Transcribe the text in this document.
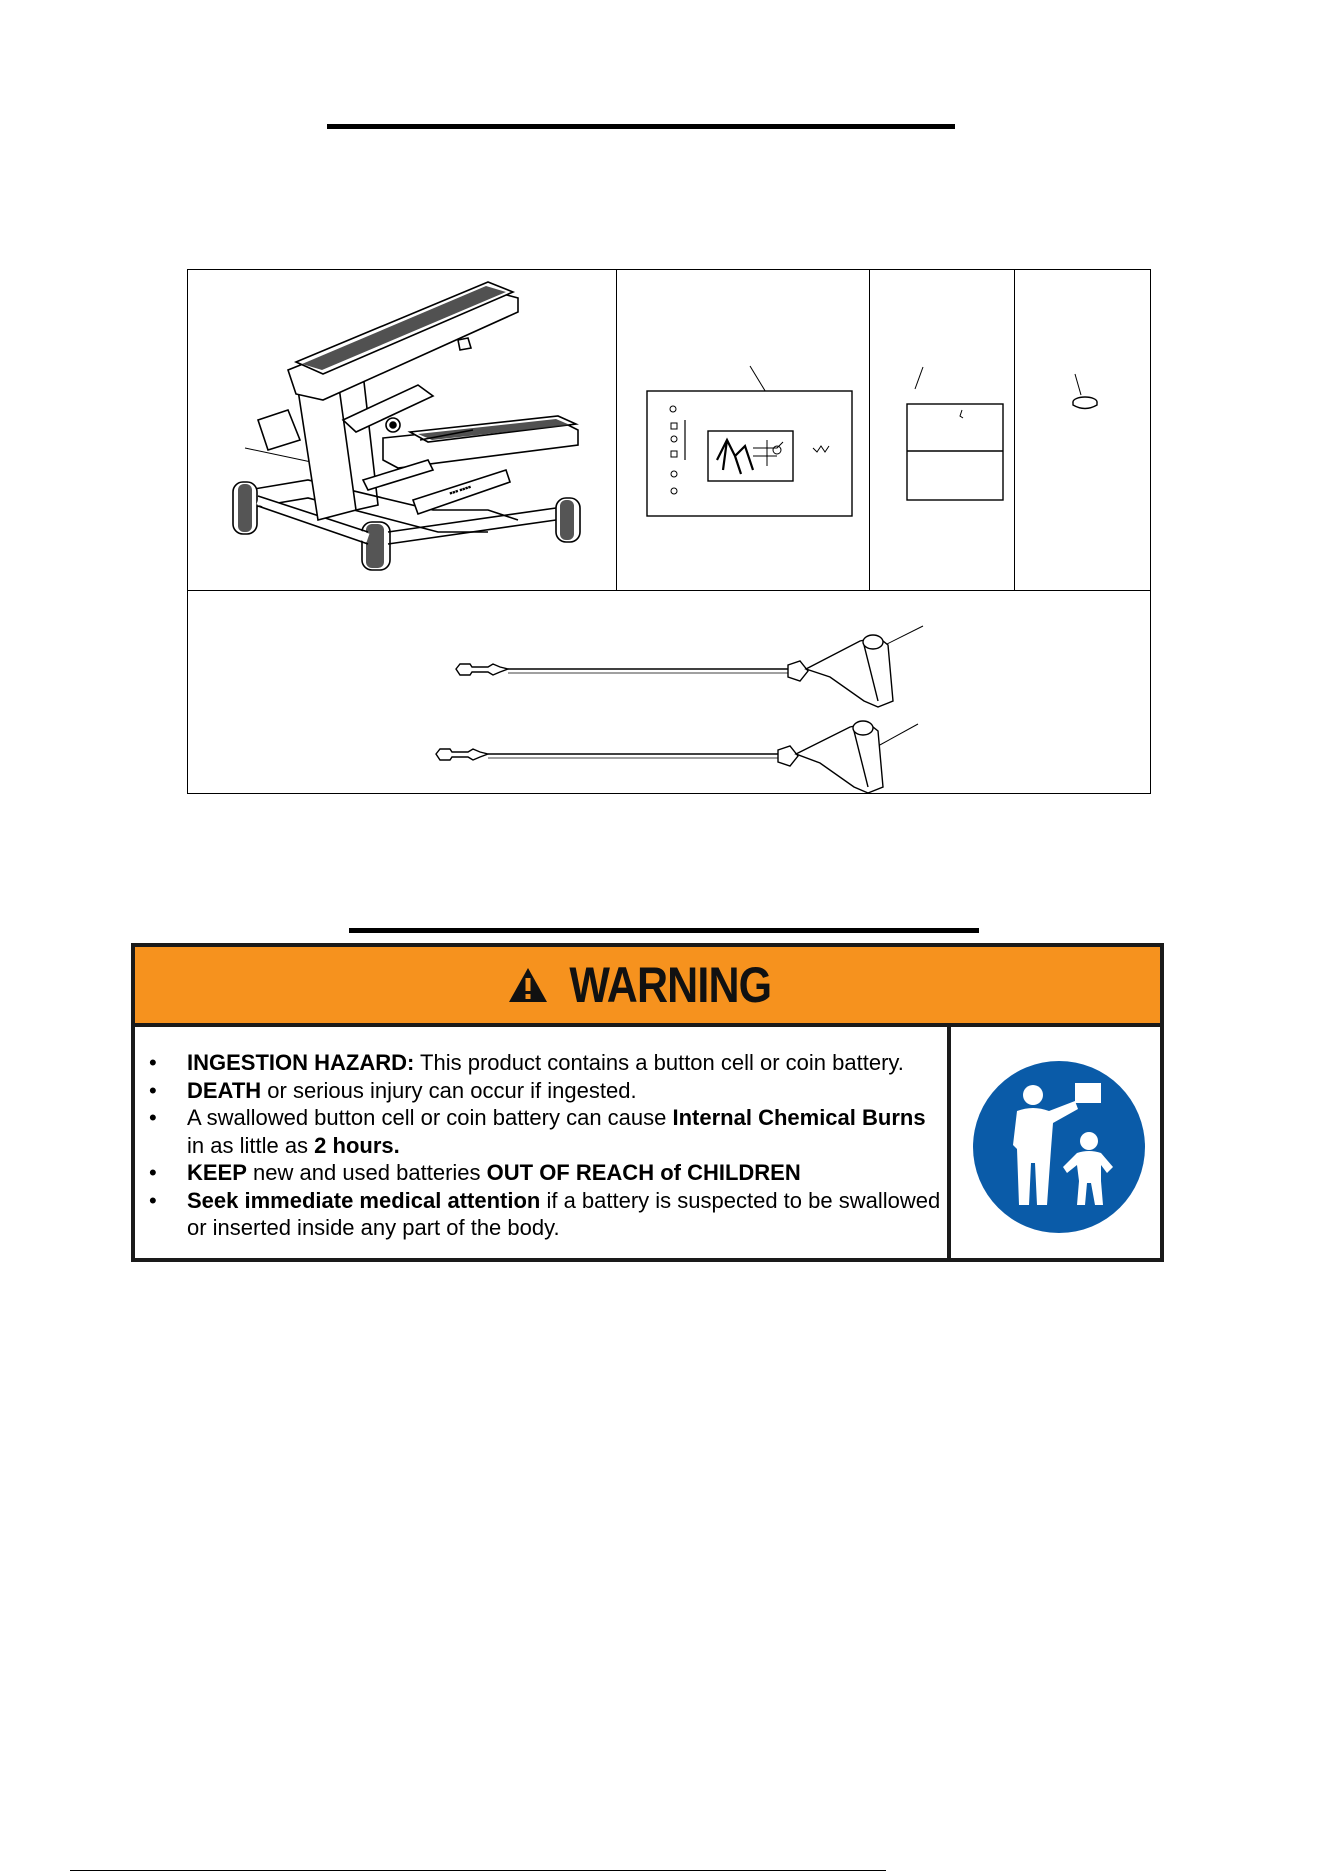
■■■ ■■■■
WARNING
• INGESTION HAZARD: This product contains a button cell or coin battery.
• DEATH or serious injury can occur if ingested.
• A swallowed button cell or coin battery can cause Internal Chemical Burns in as little as 2 hours.
• KEEP new and used batteries OUT OF REACH of CHILDREN
• Seek immediate medical attention if a battery is suspected to be swallowed or inserted inside any part of the body.
